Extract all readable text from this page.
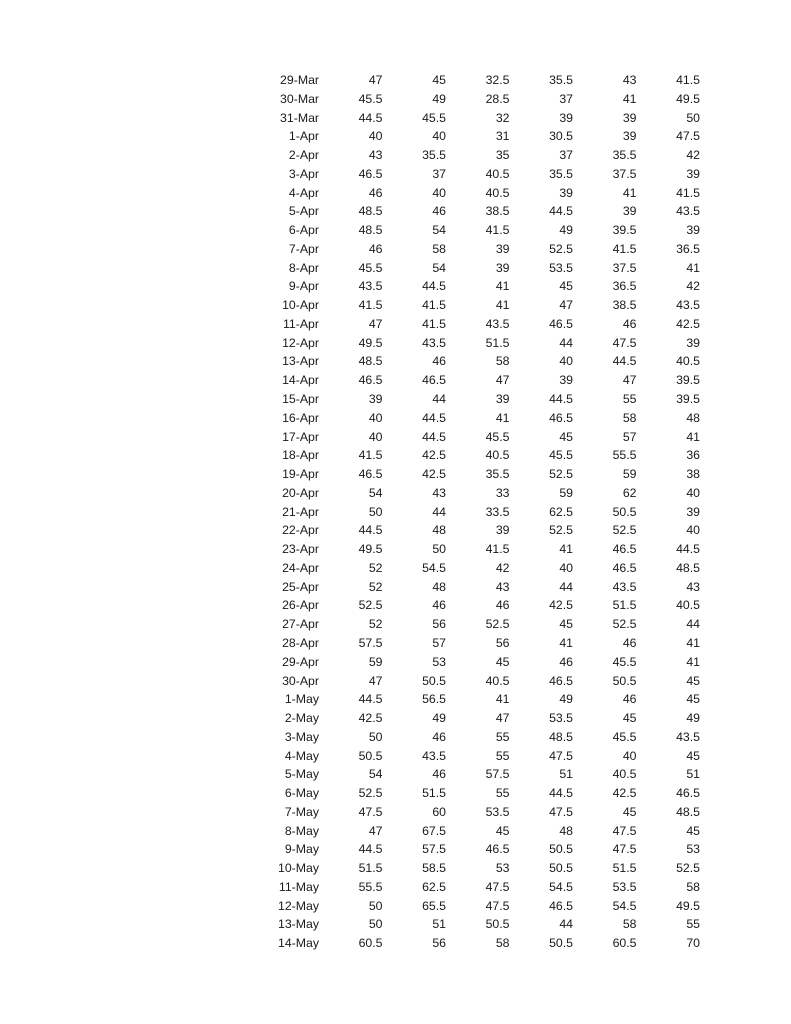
29-Mar	47	45	32.5	35.5	43	41.5
30-Mar	45.5	49	28.5	37	41	49.5
31-Mar	44.5	45.5	32	39	39	50
1-Apr	40	40	31	30.5	39	47.5
2-Apr	43	35.5	35	37	35.5	42
3-Apr	46.5	37	40.5	35.5	37.5	39
4-Apr	46	40	40.5	39	41	41.5
5-Apr	48.5	46	38.5	44.5	39	43.5
6-Apr	48.5	54	41.5	49	39.5	39
7-Apr	46	58	39	52.5	41.5	36.5
8-Apr	45.5	54	39	53.5	37.5	41
9-Apr	43.5	44.5	41	45	36.5	42
10-Apr	41.5	41.5	41	47	38.5	43.5
11-Apr	47	41.5	43.5	46.5	46	42.5
12-Apr	49.5	43.5	51.5	44	47.5	39
13-Apr	48.5	46	58	40	44.5	40.5
14-Apr	46.5	46.5	47	39	47	39.5
15-Apr	39	44	39	44.5	55	39.5
16-Apr	40	44.5	41	46.5	58	48
17-Apr	40	44.5	45.5	45	57	41
18-Apr	41.5	42.5	40.5	45.5	55.5	36
19-Apr	46.5	42.5	35.5	52.5	59	38
20-Apr	54	43	33	59	62	40
21-Apr	50	44	33.5	62.5	50.5	39
22-Apr	44.5	48	39	52.5	52.5	40
23-Apr	49.5	50	41.5	41	46.5	44.5
24-Apr	52	54.5	42	40	46.5	48.5
25-Apr	52	48	43	44	43.5	43
26-Apr	52.5	46	46	42.5	51.5	40.5
27-Apr	52	56	52.5	45	52.5	44
28-Apr	57.5	57	56	41	46	41
29-Apr	59	53	45	46	45.5	41
30-Apr	47	50.5	40.5	46.5	50.5	45
1-May	44.5	56.5	41	49	46	45
2-May	42.5	49	47	53.5	45	49
3-May	50	46	55	48.5	45.5	43.5
4-May	50.5	43.5	55	47.5	40	45
5-May	54	46	57.5	51	40.5	51
6-May	52.5	51.5	55	44.5	42.5	46.5
7-May	47.5	60	53.5	47.5	45	48.5
8-May	47	67.5	45	48	47.5	45
9-May	44.5	57.5	46.5	50.5	47.5	53
10-May	51.5	58.5	53	50.5	51.5	52.5
11-May	55.5	62.5	47.5	54.5	53.5	58
12-May	50	65.5	47.5	46.5	54.5	49.5
13-May	50	51	50.5	44	58	55
14-May	60.5	56	58	50.5	60.5	70
